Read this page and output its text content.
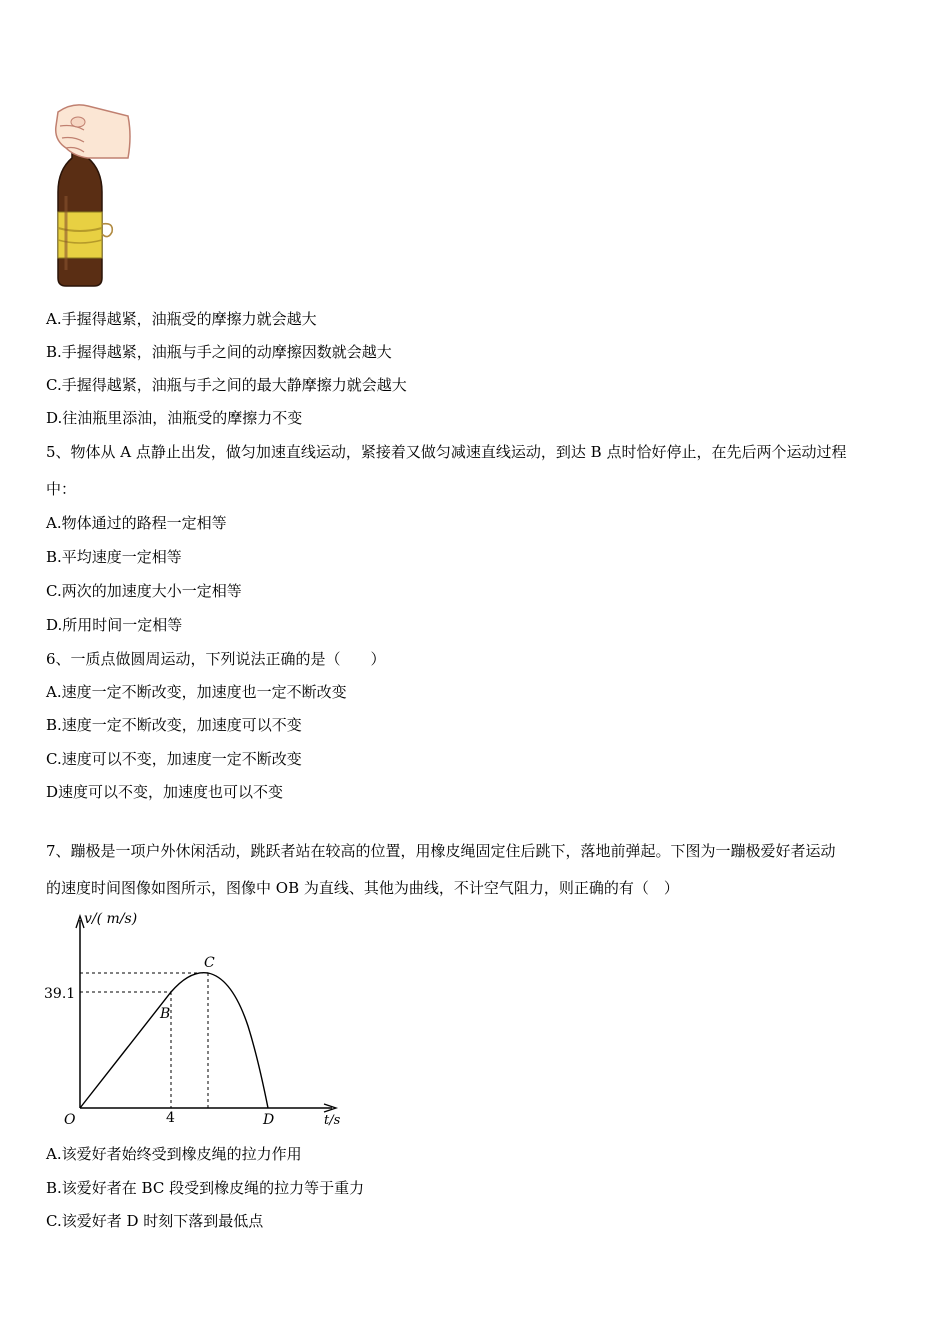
A.手握得越紧，油瓶受的摩擦力就会越大
B.手握得越紧，油瓶与手之间的动摩擦因数就会越大
C.手握得越紧，油瓶与手之间的最大静摩擦力就会越大
D.往油瓶里添油，油瓶受的摩擦力不变
5、物体从 A 点静止出发，做匀加速直线运动，紧接着又做匀减速直线运动，到达 B 点时恰好停止，在先后两个运动过程
中：
A.物体通过的路程一定相等
B.平均速度一定相等
C.两次的加速度大小一定相等
D.所用时间一定相等
6、一质点做圆周运动，下列说法正确的是（　　）
A.速度一定不断改变，加速度也一定不断改变
B.速度一定不断改变，加速度可以不变
C.速度可以不变，加速度一定不断改变
D速度可以不变，加速度也可以不变
7、蹦极是一项户外休闲活动，跳跃者站在较高的位置，用橡皮绳固定住后跳下，落地前弹起。下图为一蹦极爱好者运动
的速度时间图像如图所示，图像中 OB 为直线、其他为曲线，不计空气阻力，则正确的有（　）
v/( m/s)
t/s
39.1
4
O
B
C
D
A.该爱好者始终受到橡皮绳的拉力作用
B.该爱好者在 BC 段受到橡皮绳的拉力等于重力
C.该爱好者 D 时刻下落到最低点
